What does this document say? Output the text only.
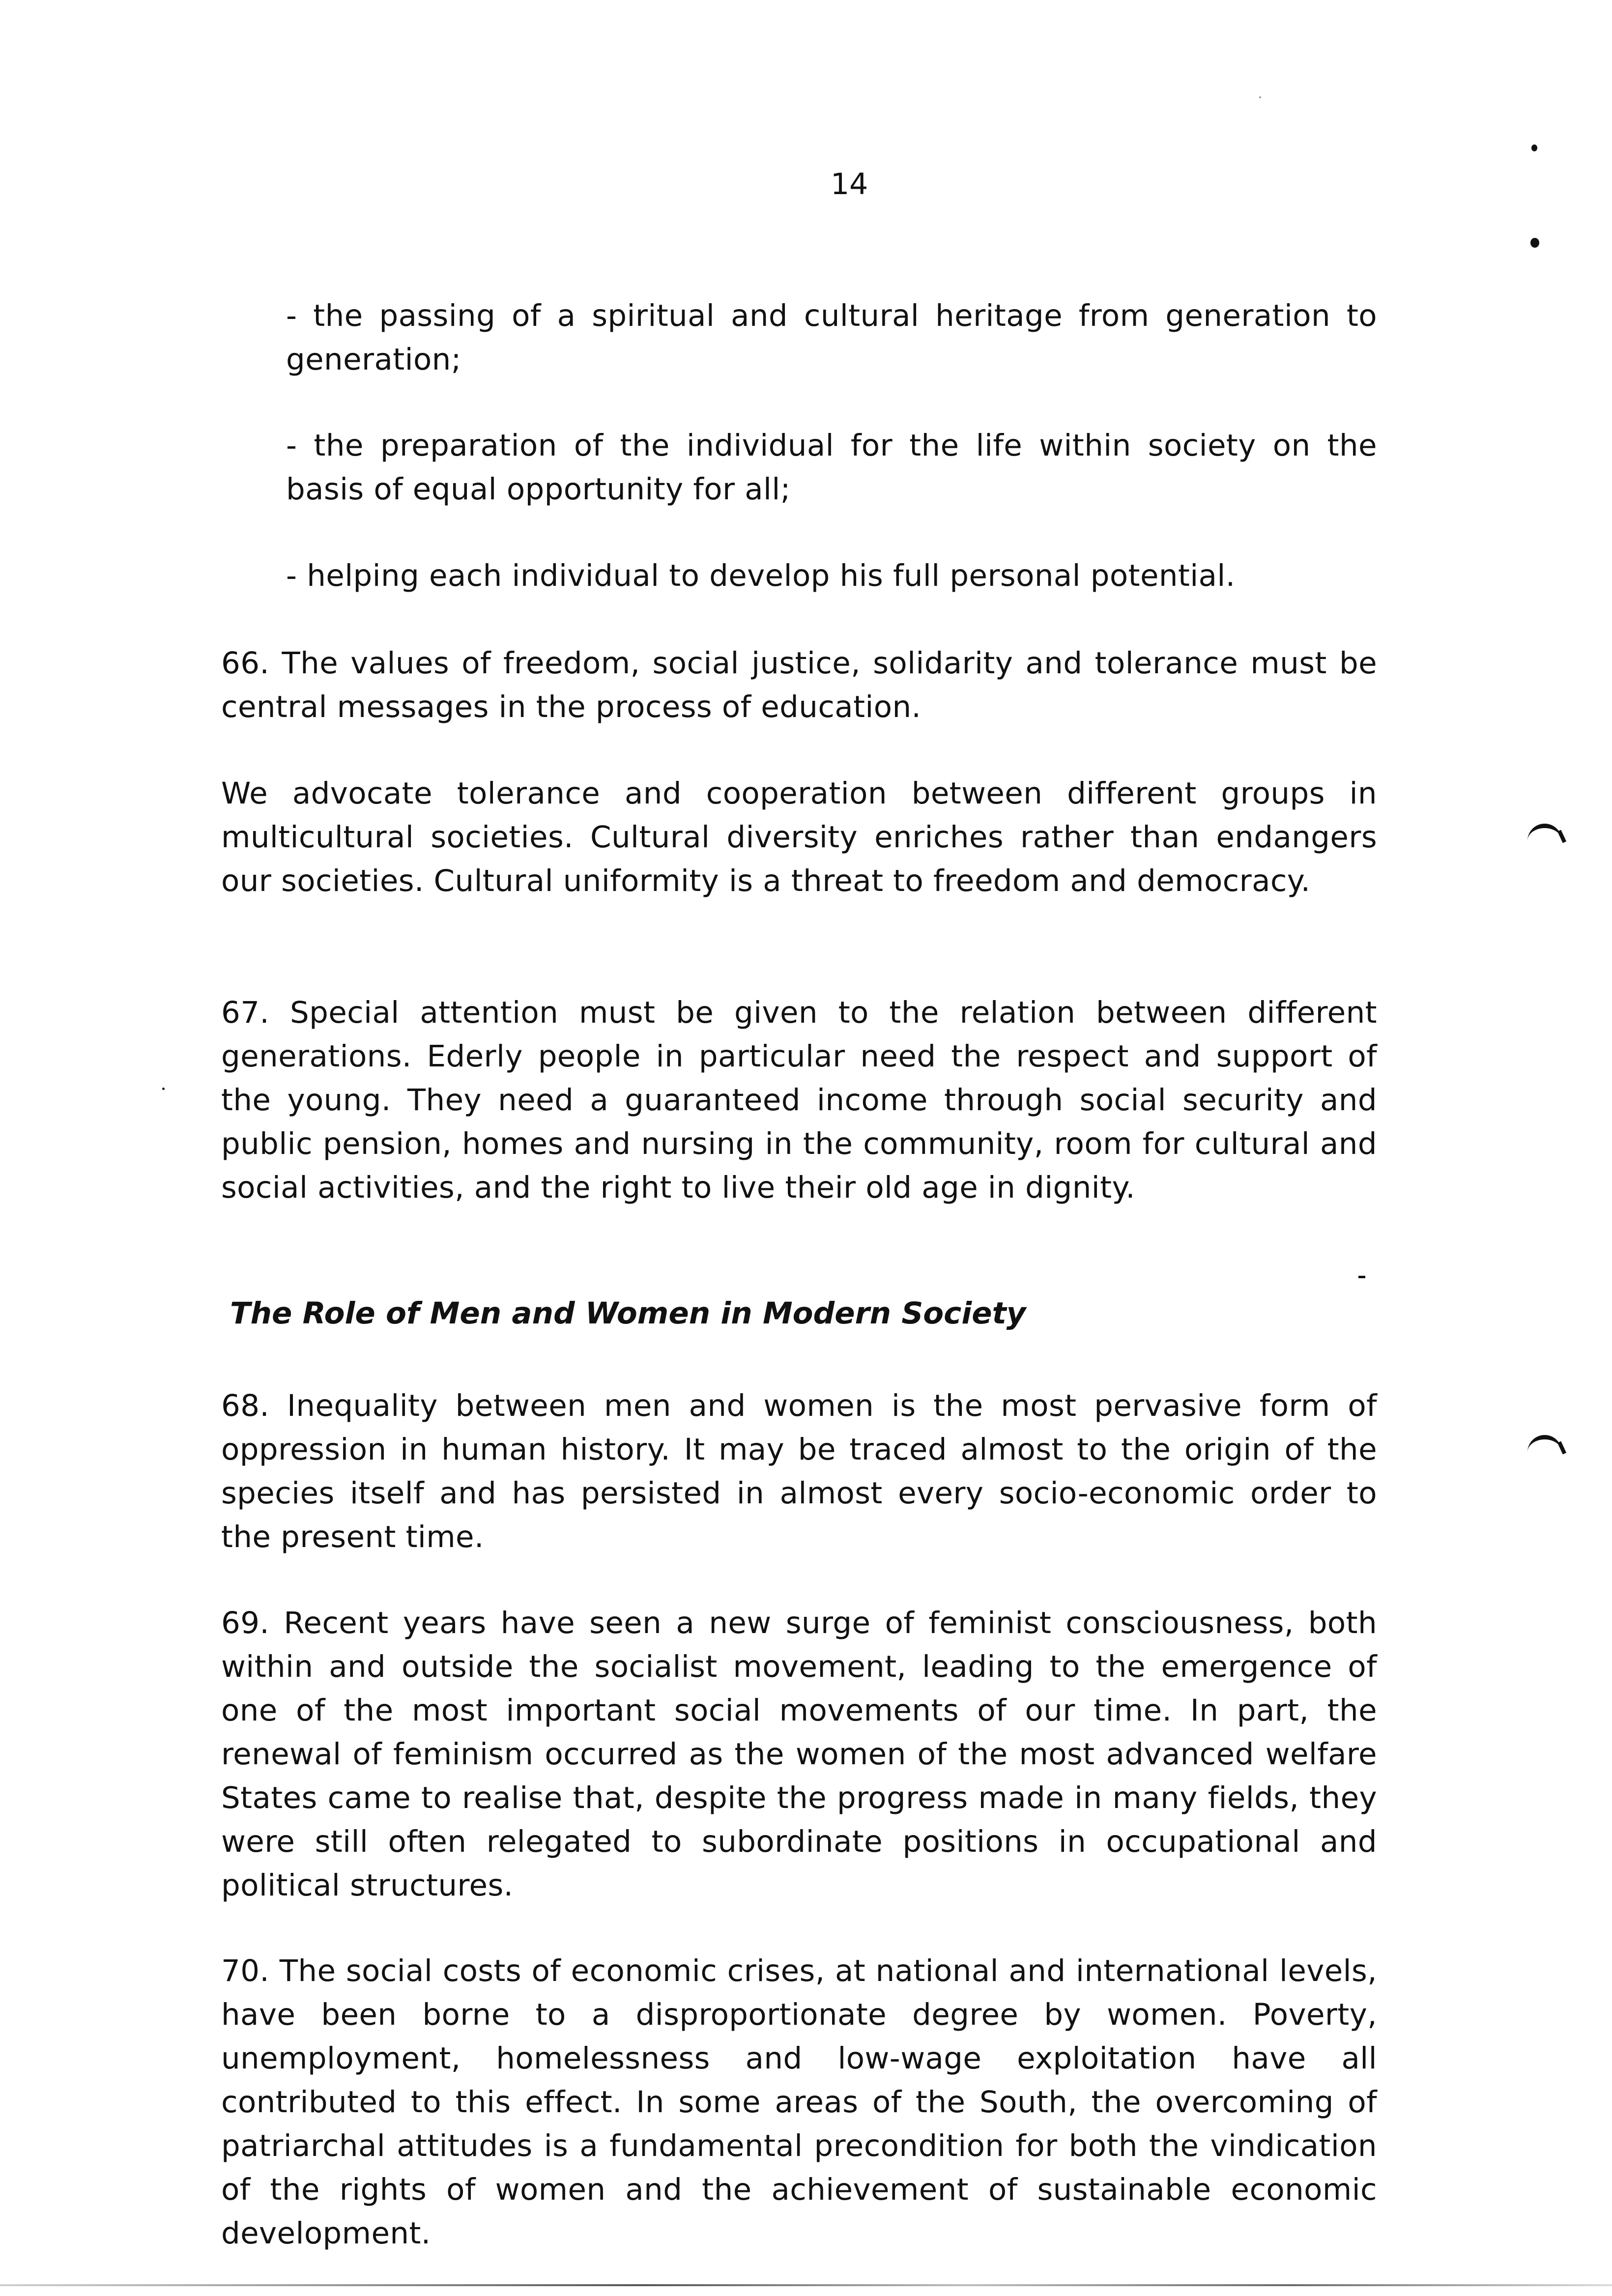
14

- the passing of a spiritual and cultural heritage from generation to generation;

- the preparation of the individual for the life within society on the basis of equal opportunity for all;

- helping each individual to develop his full personal potential.

66. The values of freedom, social justice, solidarity and tolerance must be central messages in the process of education.

We advocate tolerance and cooperation between different groups in multicultural societies. Cultural diversity enriches rather than endangers our societies. Cultural uniformity is a threat to freedom and democracy.

67. Special attention must be given to the relation between different generations. Ederly people in particular need the respect and support of the young. They need a guaranteed income through social security and public pension, homes and nursing in the community, room for cultural and social activities, and the right to live their old age in dignity.

The Role of Men and Women in Modern Society

68. Inequality between men and women is the most pervasive form of oppression in human history. It may be traced almost to the origin of the species itself and has persisted in almost every socio-economic order to the present time.

69. Recent years have seen a new surge of feminist consciousness, both within and outside the socialist movement, leading to the emergence of one of the most important social movements of our time. In part, the renewal of feminism occurred as the women of the most advanced welfare States came to realise that, despite the progress made in many fields, they were still often relegated to subordinate positions in occupational and political structures.

70. The social costs of economic crises, at national and international levels, have been borne to a disproportionate degree by women. Poverty, unemployment, homelessness and low-wage exploitation have all contributed to this effect. In some areas of the South, the overcoming of patriarchal attitudes is a fundamental precondition for both the vindication of the rights of women and the achievement of sustainable economic development.
